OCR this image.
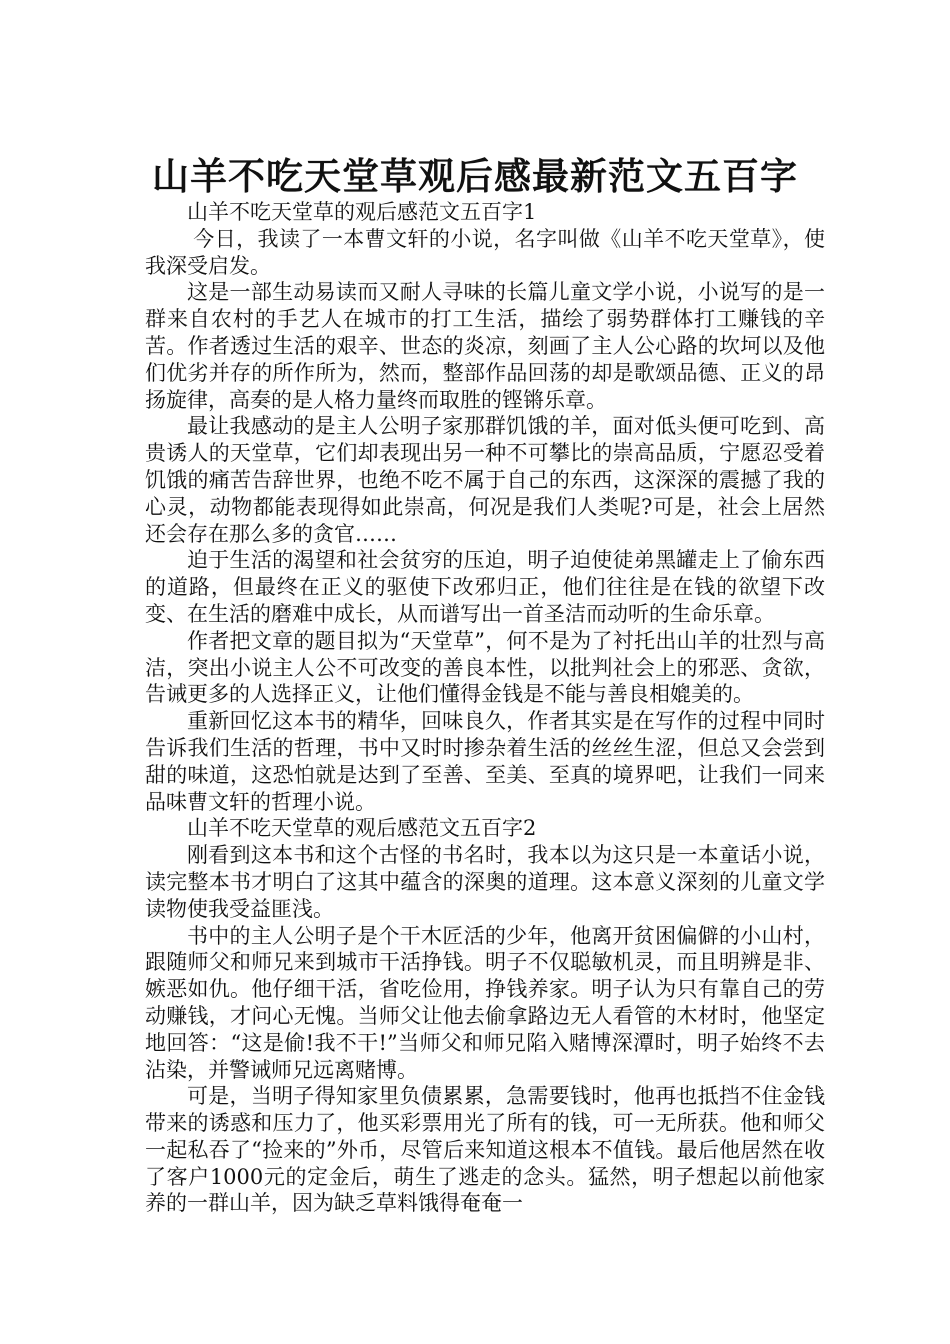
山羊不吃天堂草观后感最新范文五百字

山羊不吃天堂草的观后感范文五百字1

今日，我读了一本曹文轩的小说，名字叫做《山羊不吃天堂草》，使我深受启发。

这是一部生动易读而又耐人寻味的长篇儿童文学小说，小说写的是一群来自农村的手艺人在城市的打工生活，描绘了弱势群体打工赚钱的辛苦。作者透过生活的艰辛、世态的炎凉，刻画了主人公心路的坎坷以及他们优劣并存的所作所为，然而，整部作品回荡的却是歌颂品德、正义的昂扬旋律，高奏的是人格力量终而取胜的铿锵乐章。

最让我感动的是主人公明子家那群饥饿的羊，面对低头便可吃到、高贵诱人的天堂草，它们却表现出另一种不可攀比的崇高品质，宁愿忍受着饥饿的痛苦告辞世界，也绝不吃不属于自己的东西，这深深的震撼了我的心灵，动物都能表现得如此崇高，何况是我们人类呢?可是，社会上居然还会存在那么多的贪官……

迫于生活的渴望和社会贫穷的压迫，明子迫使徒弟黑罐走上了偷东西的道路，但最终在正义的驱使下改邪归正，他们往往是在钱的欲望下改变、在生活的磨难中成长，从而谱写出一首圣洁而动听的生命乐章。

作者把文章的题目拟为“天堂草”，何不是为了衬托出山羊的壮烈与高洁，突出小说主人公不可改变的善良本性，以批判社会上的邪恶、贪欲，告诫更多的人选择正义，让他们懂得金钱是不能与善良相媲美的。

重新回忆这本书的精华，回味良久，作者其实是在写作的过程中同时告诉我们生活的哲理，书中又时时掺杂着生活的丝丝生涩，但总又会尝到甜的味道，这恐怕就是达到了至善、至美、至真的境界吧，让我们一同来品味曹文轩的哲理小说。

山羊不吃天堂草的观后感范文五百字2

刚看到这本书和这个古怪的书名时，我本以为这只是一本童话小说，读完整本书才明白了这其中蕴含的深奥的道理。这本意义深刻的儿童文学读物使我受益匪浅。

书中的主人公明子是个干木匠活的少年，他离开贫困偏僻的小山村，跟随师父和师兄来到城市干活挣钱。明子不仅聪敏机灵，而且明辨是非、嫉恶如仇。他仔细干活，省吃俭用，挣钱养家。明子认为只有靠自己的劳动赚钱，才问心无愧。当师父让他去偷拿路边无人看管的木材时，他坚定地回答：“这是偷!我不干!”当师父和师兄陷入赌博深潭时，明子始终不去沾染，并警诫师兄远离赌博。

可是，当明子得知家里负债累累，急需要钱时，他再也抵挡不住金钱带来的诱惑和压力了，他买彩票用光了所有的钱，可一无所获。他和师父一起私吞了“捡来的”外币，尽管后来知道这根本不值钱。最后他居然在收了客户1000元的定金后，萌生了逃走的念头。猛然，明子想起以前他家养的一群山羊，因为缺乏草料饿得奄奄一
